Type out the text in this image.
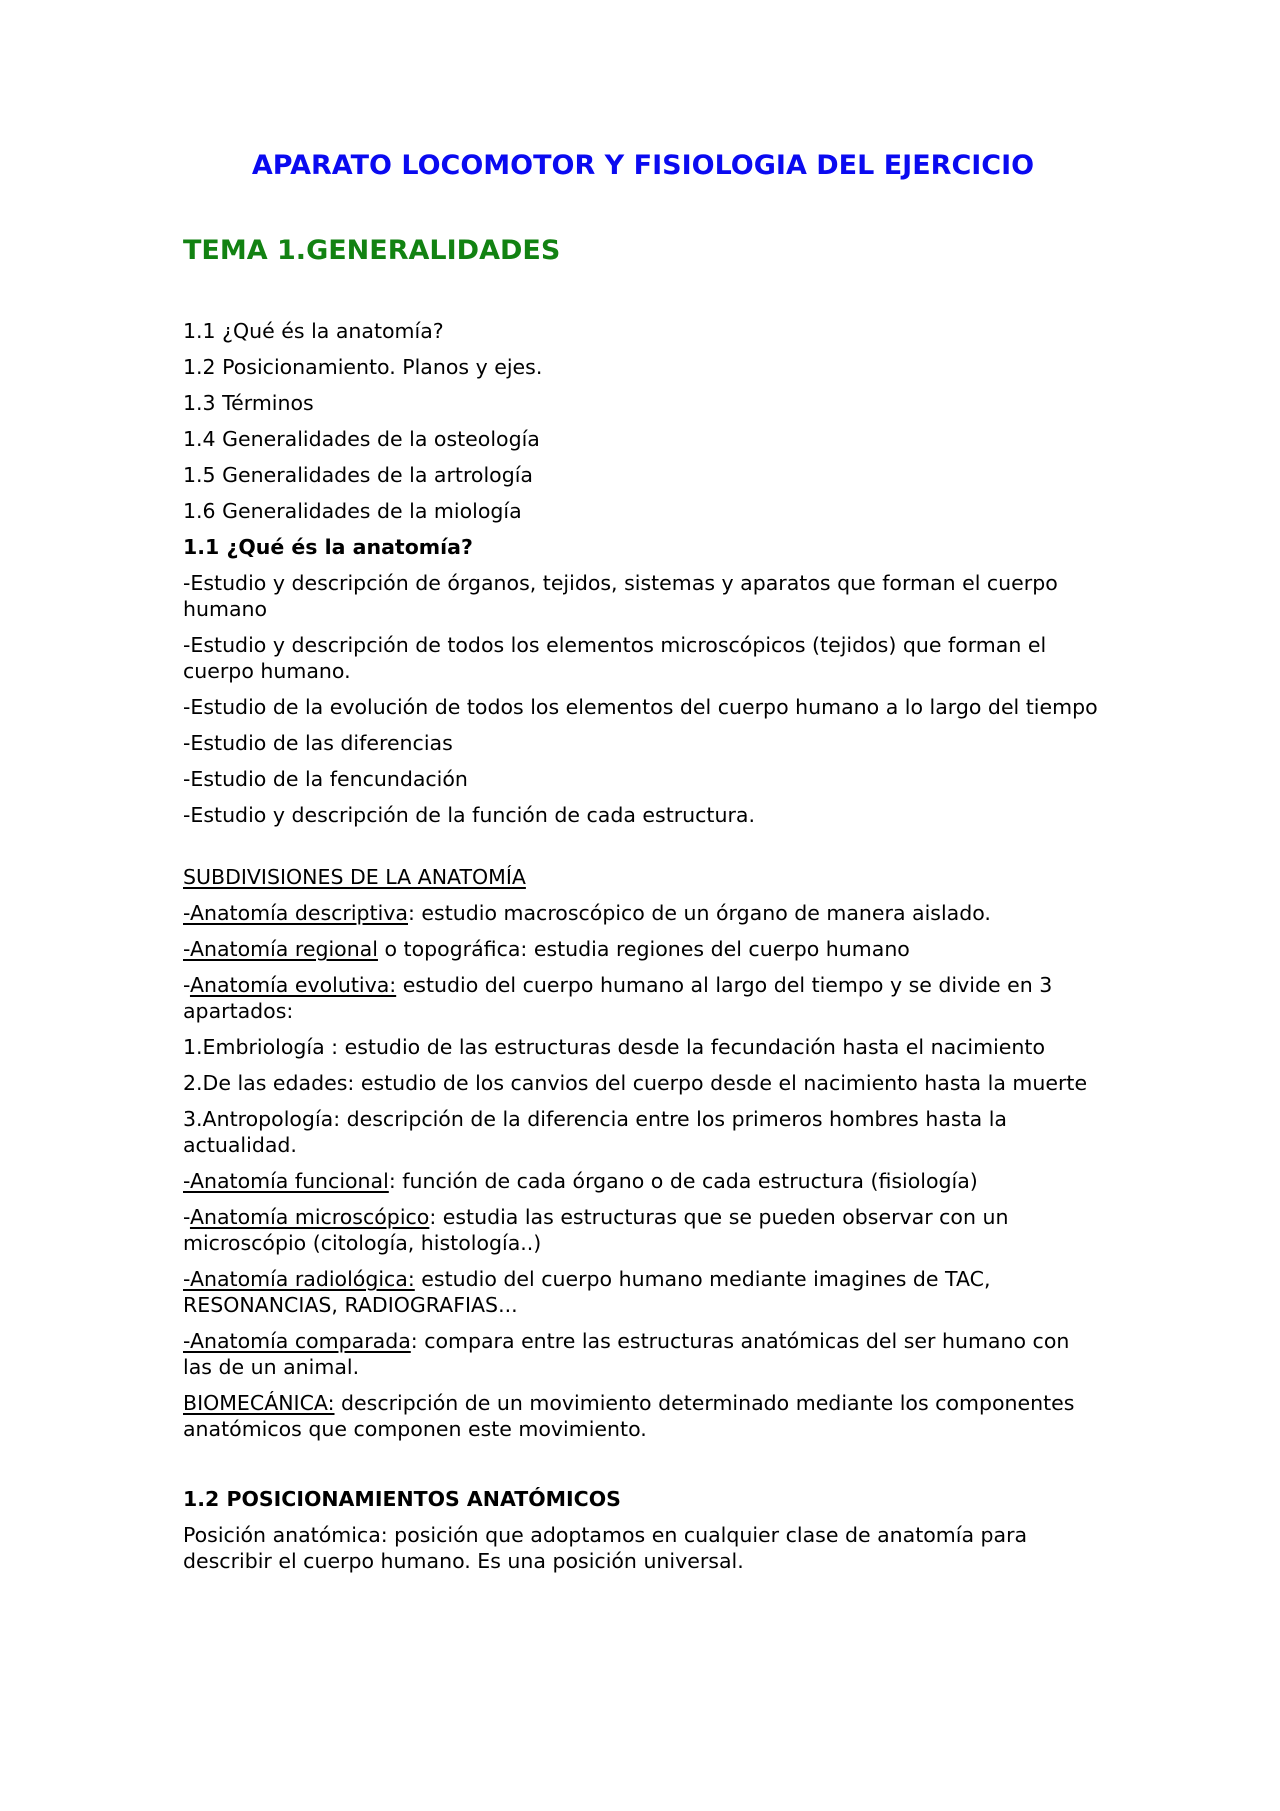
APARATO LOCOMOTOR Y FISIOLOGIA DEL EJERCICIO
TEMA 1.GENERALIDADES

1.1 ¿Qué és la anatomía?

1.2 Posicionamiento. Planos y ejes.

1.3 Términos

1.4 Generalidades de la osteología

1.5 Generalidades de la artrología

1.6 Generalidades de la miología

1.1 ¿Qué és la anatomía?

-Estudio y descripción de órganos, tejidos, sistemas y aparatos que forman el cuerpo humano

-Estudio y descripción de todos los elementos microscópicos (tejidos) que forman el cuerpo humano.

-Estudio de la evolución de todos los elementos del cuerpo humano a lo largo del tiempo

-Estudio de las diferencias

-Estudio de la fencundación

-Estudio y descripción de la función de cada estructura.

SUBDIVISIONES DE LA ANATOMÍA

-Anatomía descriptiva: estudio macroscópico de un órgano de manera aislado.

-Anatomía regional o topográfica: estudia regiones del cuerpo humano

-Anatomía evolutiva: estudio del cuerpo humano al largo del tiempo y se divide en 3 apartados:

1.Embriología : estudio de las estructuras desde la fecundación hasta el nacimiento

2.De las edades: estudio de los canvios del cuerpo desde el nacimiento hasta la muerte

3.Antropología: descripción de la diferencia entre los primeros hombres hasta la actualidad.

-Anatomía funcional: función de cada órgano o de cada estructura (fisiología)

-Anatomía microscópico: estudia las estructuras que se pueden observar con un microscópio (citología, histología..)

-Anatomía radiológica: estudio del cuerpo humano mediante imagines de TAC, RESONANCIAS, RADIOGRAFIAS...

-Anatomía comparada: compara entre las estructuras anatómicas del ser humano con las de un animal.

BIOMECÁNICA: descripción de un movimiento determinado mediante los componentes anatómicos que componen este movimiento.

1.2 POSICIONAMIENTOS ANATÓMICOS

Posición anatómica: posición que adoptamos en cualquier clase de anatomía para describir el cuerpo humano. Es una posición universal.
